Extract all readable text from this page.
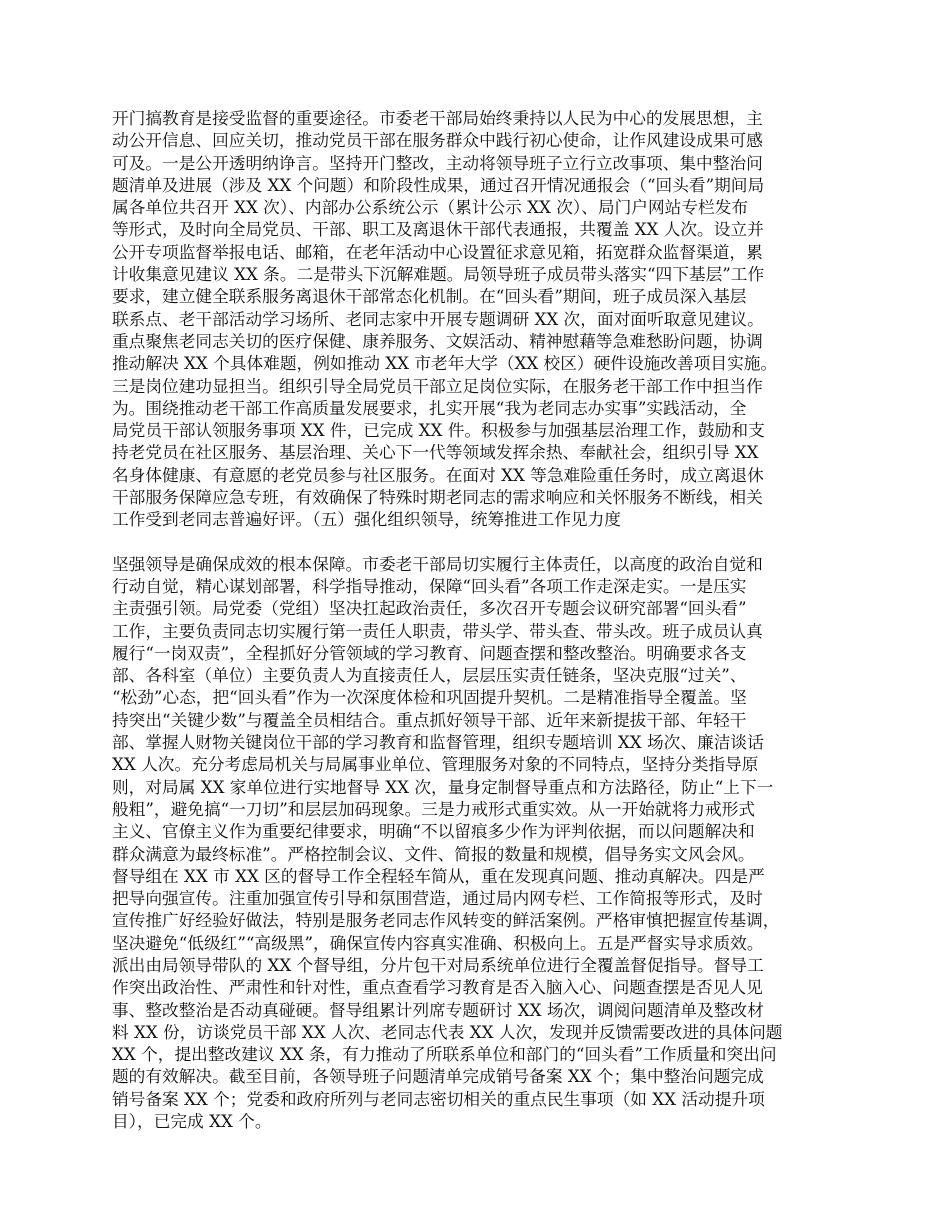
开门搞教育是接受监督的重要途径。市委老干部局始终秉持以人民为中心的发展思想，主
动公开信息、回应关切，推动党员干部在服务群众中践行初心使命，让作风建设成果可感
可及。一是公开透明纳诤言。坚持开门整改，主动将领导班子立行立改事项、集中整治问
题清单及进展（涉及 XX 个问题）和阶段性成果，通过召开情况通报会（“回头看”期间局
属各单位共召开 XX 次）、内部办公系统公示（累计公示 XX 次）、局门户网站专栏发布
等形式，及时向全局党员、干部、职工及离退休干部代表通报，共覆盖 XX 人次。设立并
公开专项监督举报电话、邮箱，在老年活动中心设置征求意见箱，拓宽群众监督渠道，累
计收集意见建议 XX 条。二是带头下沉解难题。局领导班子成员带头落实“四下基层”工作
要求，建立健全联系服务离退休干部常态化机制。在“回头看”期间，班子成员深入基层
联系点、老干部活动学习场所、老同志家中开展专题调研 XX 次，面对面听取意见建议。
重点聚焦老同志关切的医疗保健、康养服务、文娱活动、精神慰藉等急难愁盼问题，协调
推动解决 XX 个具体难题，例如推动 XX 市老年大学（XX 校区）硬件设施改善项目实施。
三是岗位建功显担当。组织引导全局党员干部立足岗位实际，在服务老干部工作中担当作
为。围绕推动老干部工作高质量发展要求，扎实开展“我为老同志办实事”实践活动，全
局党员干部认领服务事项 XX 件，已完成 XX 件。积极参与加强基层治理工作，鼓励和支
持老党员在社区服务、基层治理、关心下一代等领域发挥余热、奉献社会，组织引导 XX
名身体健康、有意愿的老党员参与社区服务。在面对 XX 等急难险重任务时，成立离退休
干部服务保障应急专班，有效确保了特殊时期老同志的需求响应和关怀服务不断线，相关
工作受到老同志普遍好评。（五）强化组织领导，统筹推进工作见力度

坚强领导是确保成效的根本保障。市委老干部局切实履行主体责任，以高度的政治自觉和
行动自觉，精心谋划部署，科学指导推动，保障“回头看”各项工作走深走实。一是压实
主责强引领。局党委（党组）坚决扛起政治责任，多次召开专题会议研究部署“回头看”
工作，主要负责同志切实履行第一责任人职责，带头学、带头查、带头改。班子成员认真
履行“一岗双责”，全程抓好分管领域的学习教育、问题查摆和整改整治。明确要求各支
部、各科室（单位）主要负责人为直接责任人，层层压实责任链条，坚决克服“过关”、
“松劲”心态，把“回头看”作为一次深度体检和巩固提升契机。二是精准指导全覆盖。坚
持突出“关键少数”与覆盖全员相结合。重点抓好领导干部、近年来新提拔干部、年轻干
部、掌握人财物关键岗位干部的学习教育和监督管理，组织专题培训 XX 场次、廉洁谈话
XX 人次。充分考虑局机关与局属事业单位、管理服务对象的不同特点，坚持分类指导原
则，对局属 XX 家单位进行实地督导 XX 次，量身定制督导重点和方法路径，防止“上下一
般粗”，避免搞“一刀切”和层层加码现象。三是力戒形式重实效。从一开始就将力戒形式
主义、官僚主义作为重要纪律要求，明确“不以留痕多少作为评判依据，而以问题解决和
群众满意为最终标准”。严格控制会议、文件、简报的数量和规模，倡导务实文风会风。
督导组在 XX 市 XX 区的督导工作全程轻车简从，重在发现真问题、推动真解决。四是严
把导向强宣传。注重加强宣传引导和氛围营造，通过局内网专栏、工作简报等形式，及时
宣传推广好经验好做法，特别是服务老同志作风转变的鲜活案例。严格审慎把握宣传基调，
坚决避免“低级红”“高级黑”，确保宣传内容真实准确、积极向上。五是严督实导求质效。
派出由局领导带队的 XX 个督导组，分片包干对局系统单位进行全覆盖督促指导。督导工
作突出政治性、严肃性和针对性，重点查看学习教育是否入脑入心、问题查摆是否见人见
事、整改整治是否动真碰硬。督导组累计列席专题研讨 XX 场次，调阅问题清单及整改材
料 XX 份，访谈党员干部 XX 人次、老同志代表 XX 人次，发现并反馈需要改进的具体问题
XX 个，提出整改建议 XX 条，有力推动了所联系单位和部门的“回头看”工作质量和突出问
题的有效解决。截至目前，各领导班子问题清单完成销号备案 XX 个；集中整治问题完成
销号备案 XX 个；党委和政府所列与老同志密切相关的重点民生事项（如 XX 活动提升项
目），已完成 XX 个。
